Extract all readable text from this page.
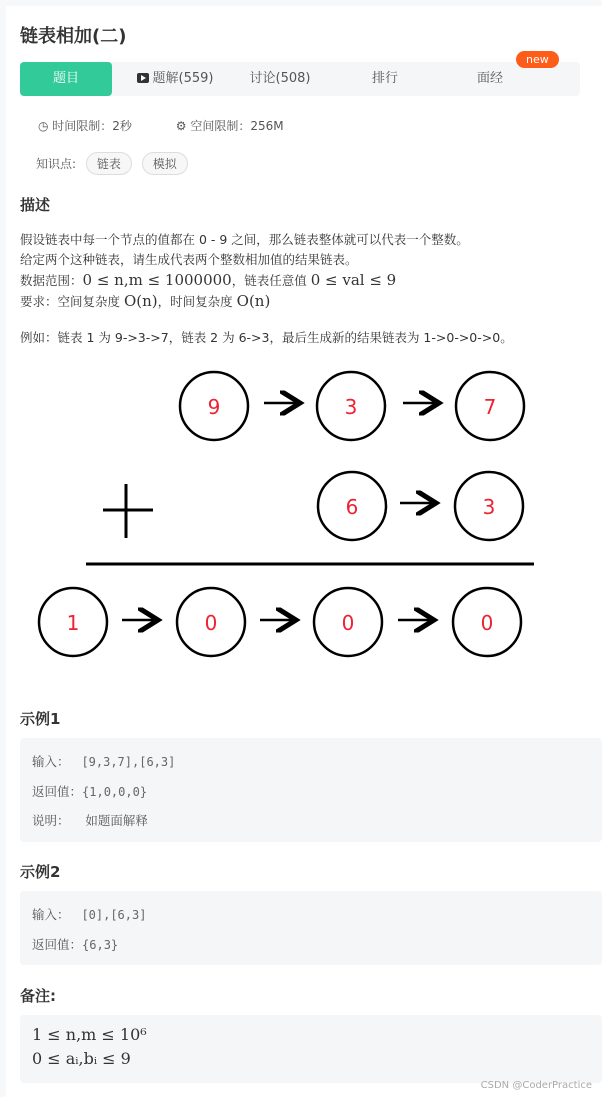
链表相加(二)
题目	题解(559)	讨论(508)	排行	面经
new
◷ 时间限制：2秒	⚙ 空间限制：256M
知识点: 链表	模拟
描述
假设链表中每一个节点的值都在 0 - 9 之间，那么链表整体就可以代表一个整数。
给定两个这种链表，请生成代表两个整数相加值的结果链表。
数据范围：0 ≤ n,m ≤ 1000000，链表任意值 0 ≤ val ≤ 9
要求：空间复杂度 O(n)，时间复杂度 O(n)
例如：链表 1 为 9->3->7，链表 2 为 6->3，最后生成新的结果链表为 1->0->0->0。
9	3	7
6	3
1	0	0	0
示例1
输入： [9,3,7],[6,3]
返回值：{1,0,0,0}
说明： 如题面解释
示例2
输入： [0],[6,3]
返回值：{6,3}
备注:
1 ≤ n,m ≤ 10⁶
0 ≤ aᵢ,bᵢ ≤ 9
CSDN @CoderPractice
